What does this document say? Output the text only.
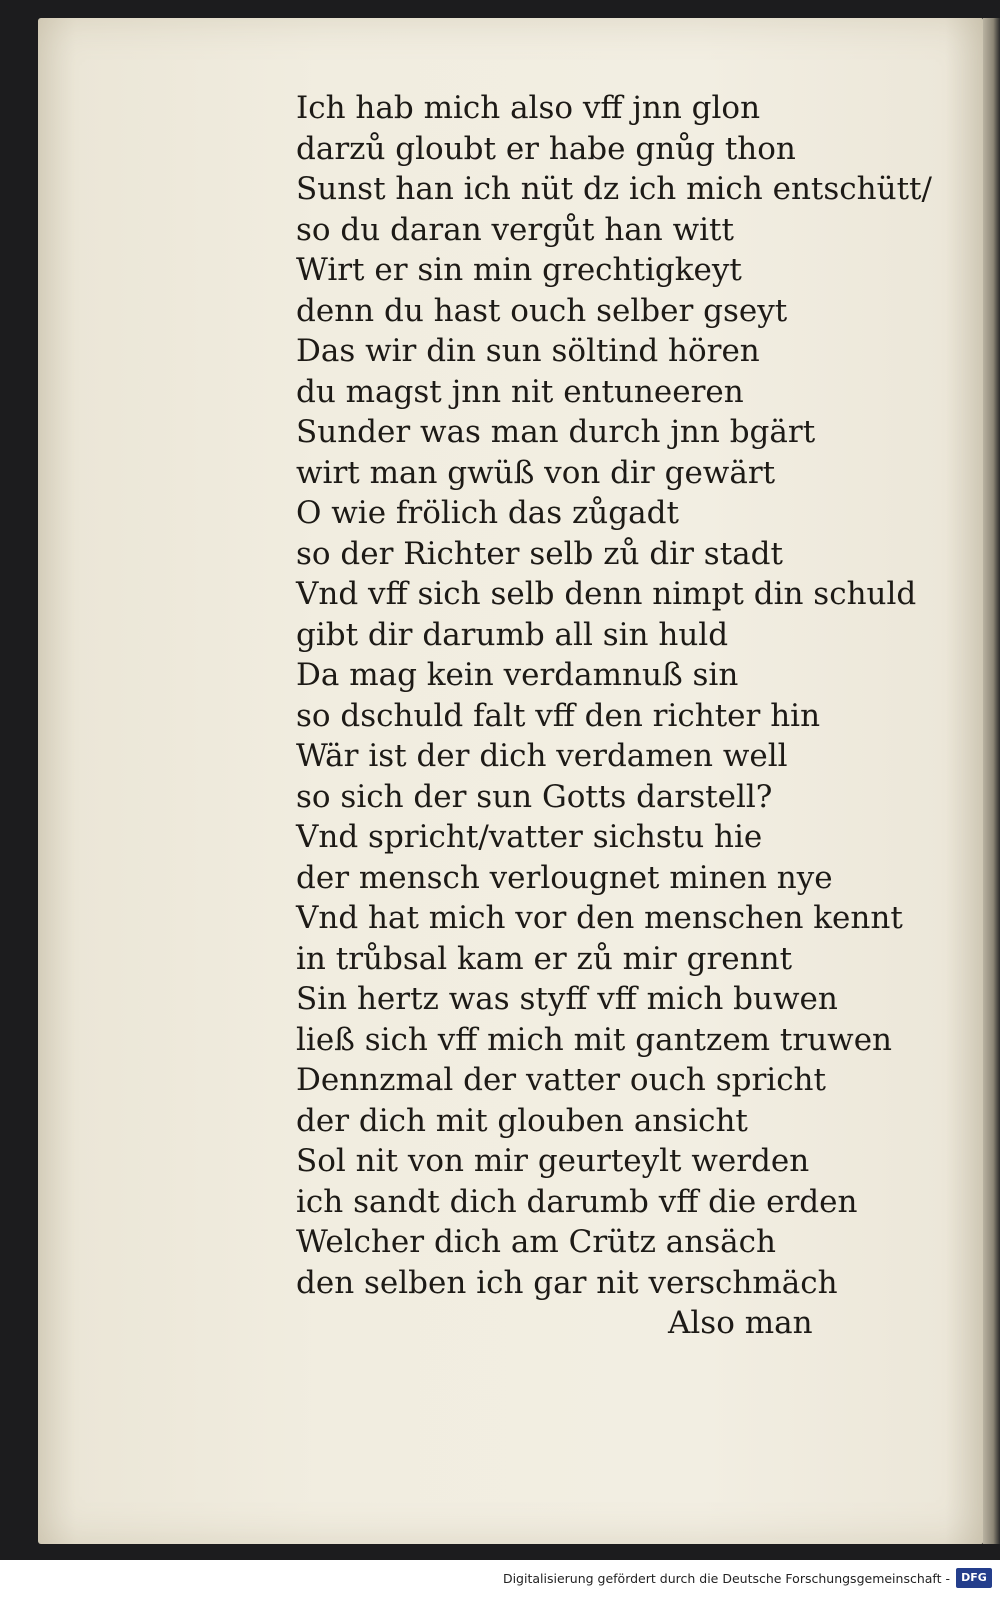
Ich hab mich also vff jnn glon
darzů gloubt er habe gnůg thon
Sunst han ich nüt dz ich mich entschütt/
so du daran vergůt han witt
Wirt er sin min grechtigkeyt
denn du hast ouch selber gseyt
Das wir din sun söltind hören
du magst jnn nit entuneeren
Sunder was man durch jnn bgärt
wirt man gwüß von dir gewärt
O wie frölich das zůgadt
so der Richter selb zů dir stadt
Vnd vff sich selb denn nimpt din schuld
gibt dir darumb all sin huld
Da mag kein verdamnuß sin
so dschuld falt vff den richter hin
Wär ist der dich verdamen well
so sich der sun Gotts darstell?
Vnd spricht/vatter sichstu hie
der mensch verlougnet minen nye
Vnd hat mich vor den menschen kennt
in trůbsal kam er zů mir grennt
Sin hertz was styff vff mich buwen
ließ sich vff mich mit gantzem truwen
Dennzmal der vatter ouch spricht
der dich mit glouben ansicht
Sol nit von mir geurteylt werden
ich sandt dich darumb vff die erden
Welcher dich am Crütz ansäch
den selben ich gar nit verschmäch
Also man
Digitalisierung gefördert durch die Deutsche Forschungsgemeinschaft -	DFG
